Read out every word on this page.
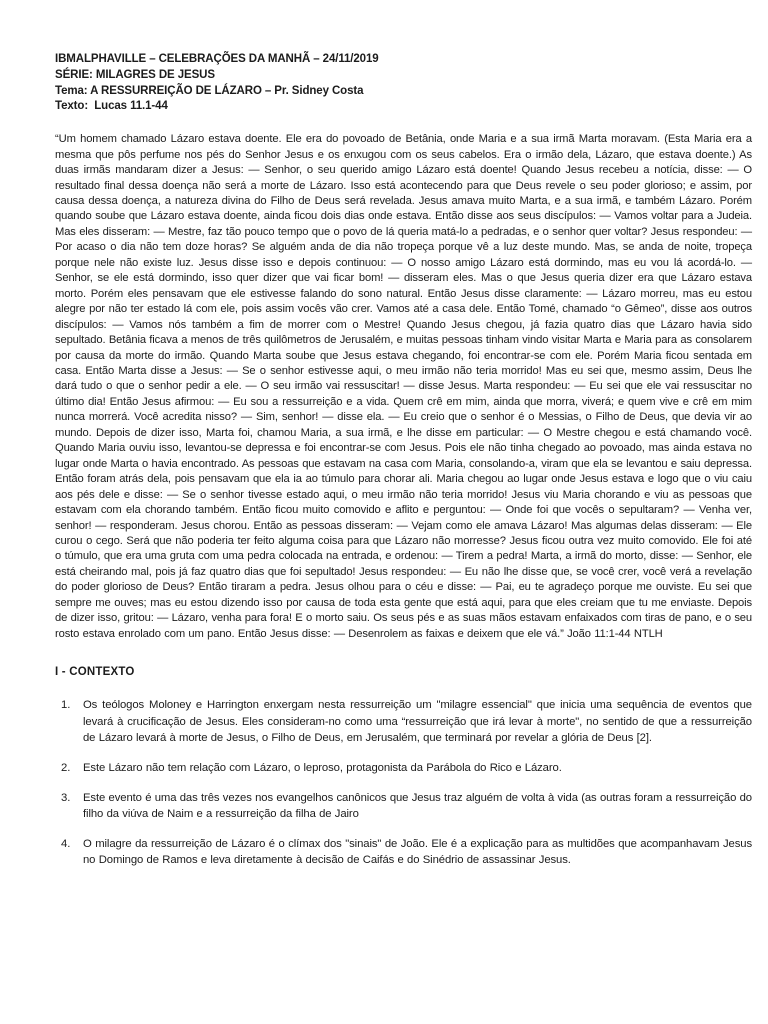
IBMALPHAVILLE – CELEBRAÇÕES DA MANHÃ – 24/11/2019
SÉRIE: MILAGRES DE JESUS
Tema: A RESSURREIÇÃO DE LÁZARO – Pr. Sidney Costa
Texto:  Lucas 11.1-44

“Um homem chamado Lázaro estava doente. Ele era do povoado de Betânia, onde Maria e a sua irmã Marta moravam. (Esta Maria era a mesma que pôs perfume nos pés do Senhor Jesus e os enxugou com os seus cabelos. Era o irmão dela, Lázaro, que estava doente.) As duas irmãs mandaram dizer a Jesus: — Senhor, o seu querido amigo Lázaro está doente! Quando Jesus recebeu a notícia, disse: — O resultado final dessa doença não será a morte de Lázaro. Isso está acontecendo para que Deus revele o seu poder glorioso; e assim, por causa dessa doença, a natureza divina do Filho de Deus será revelada. Jesus amava muito Marta, e a sua irmã, e também Lázaro. Porém quando soube que Lázaro estava doente, ainda ficou dois dias onde estava. Então disse aos seus discípulos: — Vamos voltar para a Judeia. Mas eles disseram: — Mestre, faz tão pouco tempo que o povo de lá queria matá-lo a pedradas, e o senhor quer voltar? Jesus respondeu: — Por acaso o dia não tem doze horas? Se alguém anda de dia não tropeça porque vê a luz deste mundo. Mas, se anda de noite, tropeça porque nele não existe luz. Jesus disse isso e depois continuou: — O nosso amigo Lázaro está dormindo, mas eu vou lá acordá-lo. — Senhor, se ele está dormindo, isso quer dizer que vai ficar bom! — disseram eles. Mas o que Jesus queria dizer era que Lázaro estava morto. Porém eles pensavam que ele estivesse falando do sono natural. Então Jesus disse claramente: — Lázaro morreu, mas eu estou alegre por não ter estado lá com ele, pois assim vocês vão crer. Vamos até a casa dele. Então Tomé, chamado “o Gêmeo”, disse aos outros discípulos: — Vamos nós também a fim de morrer com o Mestre! Quando Jesus chegou, já fazia quatro dias que Lázaro havia sido sepultado. Betânia ficava a menos de três quilômetros de Jerusalém, e muitas pessoas tinham vindo visitar Marta e Maria para as consolarem por causa da morte do irmão. Quando Marta soube que Jesus estava chegando, foi encontrar-se com ele. Porém Maria ficou sentada em casa. Então Marta disse a Jesus: — Se o senhor estivesse aqui, o meu irmão não teria morrido! Mas eu sei que, mesmo assim, Deus lhe dará tudo o que o senhor pedir a ele. — O seu irmão vai ressuscitar! — disse Jesus. Marta respondeu: — Eu sei que ele vai ressuscitar no último dia! Então Jesus afirmou: — Eu sou a ressurreição e a vida. Quem crê em mim, ainda que morra, viverá; e quem vive e crê em mim nunca morrerá. Você acredita nisso? — Sim, senhor! — disse ela. — Eu creio que o senhor é o Messias, o Filho de Deus, que devia vir ao mundo. Depois de dizer isso, Marta foi, chamou Maria, a sua irmã, e lhe disse em particular: — O Mestre chegou e está chamando você. Quando Maria ouviu isso, levantou-se depressa e foi encontrar-se com Jesus. Pois ele não tinha chegado ao povoado, mas ainda estava no lugar onde Marta o havia encontrado. As pessoas que estavam na casa com Maria, consolando-a, viram que ela se levantou e saiu depressa. Então foram atrás dela, pois pensavam que ela ia ao túmulo para chorar ali. Maria chegou ao lugar onde Jesus estava e logo que o viu caiu aos pés dele e disse: — Se o senhor tivesse estado aqui, o meu irmão não teria morrido! Jesus viu Maria chorando e viu as pessoas que estavam com ela chorando também. Então ficou muito comovido e aflito e perguntou: — Onde foi que vocês o sepultaram? — Venha ver, senhor! — responderam. Jesus chorou. Então as pessoas disseram: — Vejam como ele amava Lázaro! Mas algumas delas disseram: — Ele curou o cego. Será que não poderia ter feito alguma coisa para que Lázaro não morresse? Jesus ficou outra vez muito comovido. Ele foi até o túmulo, que era uma gruta com uma pedra colocada na entrada, e ordenou: — Tirem a pedra! Marta, a irmã do morto, disse: — Senhor, ele está cheirando mal, pois já faz quatro dias que foi sepultado! Jesus respondeu: — Eu não lhe disse que, se você crer, você verá a revelação do poder glorioso de Deus? Então tiraram a pedra. Jesus olhou para o céu e disse: — Pai, eu te agradeço porque me ouviste. Eu sei que sempre me ouves; mas eu estou dizendo isso por causa de toda esta gente que está aqui, para que eles creiam que tu me enviaste. Depois de dizer isso, gritou: — Lázaro, venha para fora! E o morto saiu. Os seus pés e as suas mãos estavam enfaixados com tiras de pano, e o seu rosto estava enrolado com um pano. Então Jesus disse: — Desenrolem as faixas e deixem que ele vá.” João 11:1-44 NTLH

I - CONTEXTO
1.	Os teólogos Moloney e Harrington enxergam nesta ressurreição um "milagre essencial" que inicia uma sequência de eventos que levará à crucificação de Jesus. Eles consideram-no como uma “ressurreição que irá levar à morte", no sentido de que a ressurreição de Lázaro levará à morte de Jesus, o Filho de Deus, em Jerusalém, que terminará por revelar a glória de Deus [2].
2.	Este Lázaro não tem relação com Lázaro, o leproso, protagonista da Parábola do Rico e Lázaro.
3.	Este evento é uma das três vezes nos evangelhos canônicos que Jesus traz alguém de volta à vida (as outras foram a ressurreição do filho da viúva de Naim e a ressurreição da filha de Jairo
4.	O milagre da ressurreição de Lázaro é o clímax dos "sinais" de João. Ele é a explicação para as multidões que acompanhavam Jesus no Domingo de Ramos e leva diretamente à decisão de Caifás e do Sinédrio de assassinar Jesus.
